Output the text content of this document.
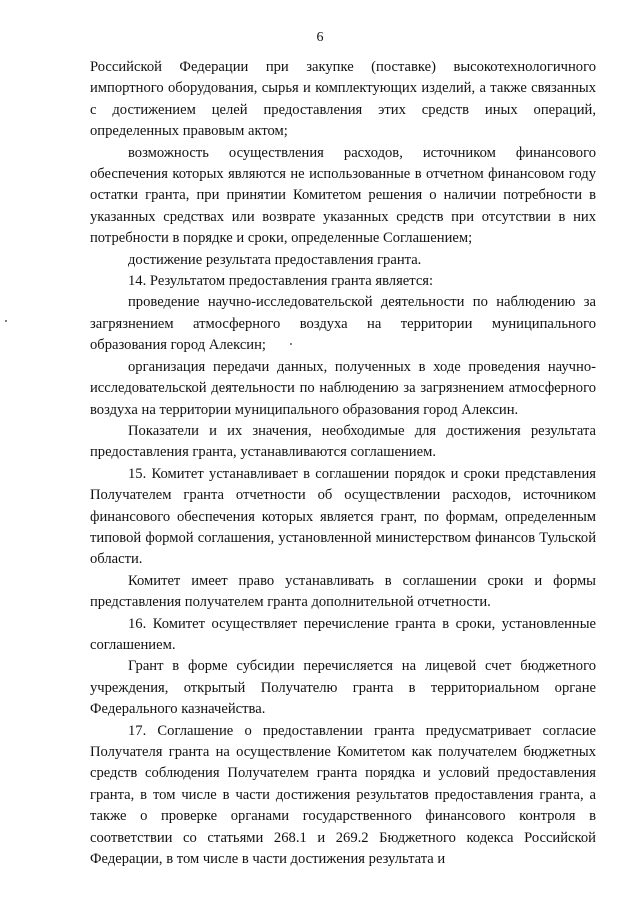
6

Российской Федерации при закупке (поставке) высокотехнологичного импортного оборудования, сырья и комплектующих изделий, а также связанных с достижением целей предоставления этих средств иных операций, определенных правовым актом;

возможность осуществления расходов, источником финансового обеспечения которых являются не использованные в отчетном финансовом году остатки гранта, при принятии Комитетом решения о наличии потребности в указанных средствах или возврате указанных средств при отсутствии в них потребности в порядке и сроки, определенные Соглашением;

достижение результата предоставления гранта.

14. Результатом предоставления гранта является:

проведение научно-исследовательской деятельности по наблюдению за загрязнением атмосферного воздуха на территории муниципального образования город Алексин;

организация передачи данных, полученных в ходе проведения научно-исследовательской деятельности по наблюдению за загрязнением атмосферного воздуха на территории муниципального образования город Алексин.

Показатели и их значения, необходимые для достижения результата предоставления гранта, устанавливаются соглашением.

15. Комитет устанавливает в соглашении порядок и сроки представления Получателем гранта отчетности об осуществлении расходов, источником финансового обеспечения которых является грант, по формам, определенным типовой формой соглашения, установленной министерством финансов Тульской области.

Комитет имеет право устанавливать в соглашении сроки и формы представления получателем гранта дополнительной отчетности.

16. Комитет осуществляет перечисление гранта в сроки, установленные соглашением.

Грант в форме субсидии перечисляется на лицевой счет бюджетного учреждения, открытый Получателю гранта в территориальном органе Федерального казначейства.

17. Соглашение о предоставлении гранта предусматривает согласие Получателя гранта на осуществление Комитетом как получателем бюджетных средств соблюдения Получателем гранта порядка и условий предоставления гранта, в том числе в части достижения результатов предоставления гранта, а также о проверке органами государственного финансового контроля в соответствии со статьями 268.1 и 269.2 Бюджетного кодекса Российской Федерации, в том числе в части достижения результата и
